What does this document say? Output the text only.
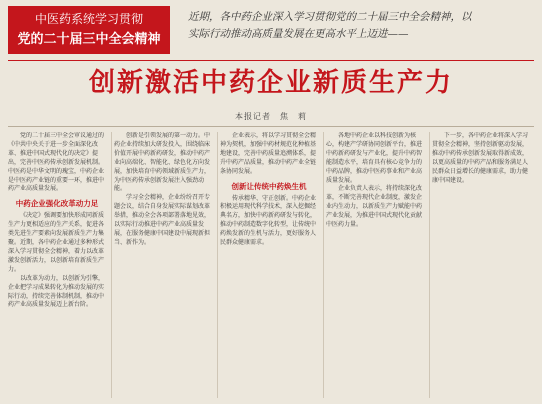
中医药系统学习贯彻
党的二十届三中全会精神
近期，各中药企业深入学习贯彻党的二十届三中全会精神，以
实际行动推动高质量发展在更高水平上迈进——
创新激活中药企业新质生产力
本报记者　焦　莉
党的二十届三中全会审议通过的《中共中央关于进一步全面深化改革、推进中国式现代化的决定》提出，完善中医药传承创新发展机制。中医药是中华文明的瑰宝，中药企业是中医药产业链的重要一环，推进中药产业高质量发展。
中药企业强化改革动力足
《决定》强调要加快形成同新质生产力更相适应的生产关系，促进各类先进生产要素向发展新质生产力集聚。近期，各中药企业通过多种形式深入学习贯彻全会精神，着力以改革激发创新活力，以创新培育新质生产力。
以改革为动力，以创新为引擎，企业把学习成果转化为推动发展的实际行动，持续完善体制机制，推动中药产业高质量发展迈上新台阶。
创新是引领发展的第一动力。中药企业持续加大研发投入，围绕临床价值开展中药新药研发，推动中药产业向高端化、智能化、绿色化方向发展，加快培育中药领域新质生产力，为中医药传承创新发展注入强劲动能。
学习全会精神，企业纷纷召开专题会议，结合自身发展实际谋划改革举措，推动全会各项部署落地见效，以实际行动推进中药产业高质量发展，在服务健康中国建设中展现新担当、新作为。
企业表示，将以学习贯彻全会精神为契机，加强中药材规范化种植基地建设，完善中药质量追溯体系，提升中药产品质量，推动中药产业全链条协同发展。
创新让传统中药焕生机
传承精华、守正创新。中药企业积极运用现代科学技术，深入挖掘经典名方，加快中药新药研发与转化，推动中药制造数字化转型，让传统中药焕发新的生机与活力，更好服务人民群众健康需求。
各地中药企业以科技创新为核心，构建产学研协同创新平台，推进中药新药研发与产业化，提升中药智能制造水平，培育具有核心竞争力的中药品牌，推动中医药事业和产业高质量发展。
企业负责人表示，将持续深化改革，不断完善现代企业制度，激发企业内生动力，以新质生产力赋能中药产业发展，为推进中国式现代化贡献中医药力量。
下一步，各中药企业将深入学习贯彻全会精神，坚持创新驱动发展，推动中药传承创新发展取得新成效，以更高质量的中药产品和服务满足人民群众日益增长的健康需求，助力健康中国建设。
